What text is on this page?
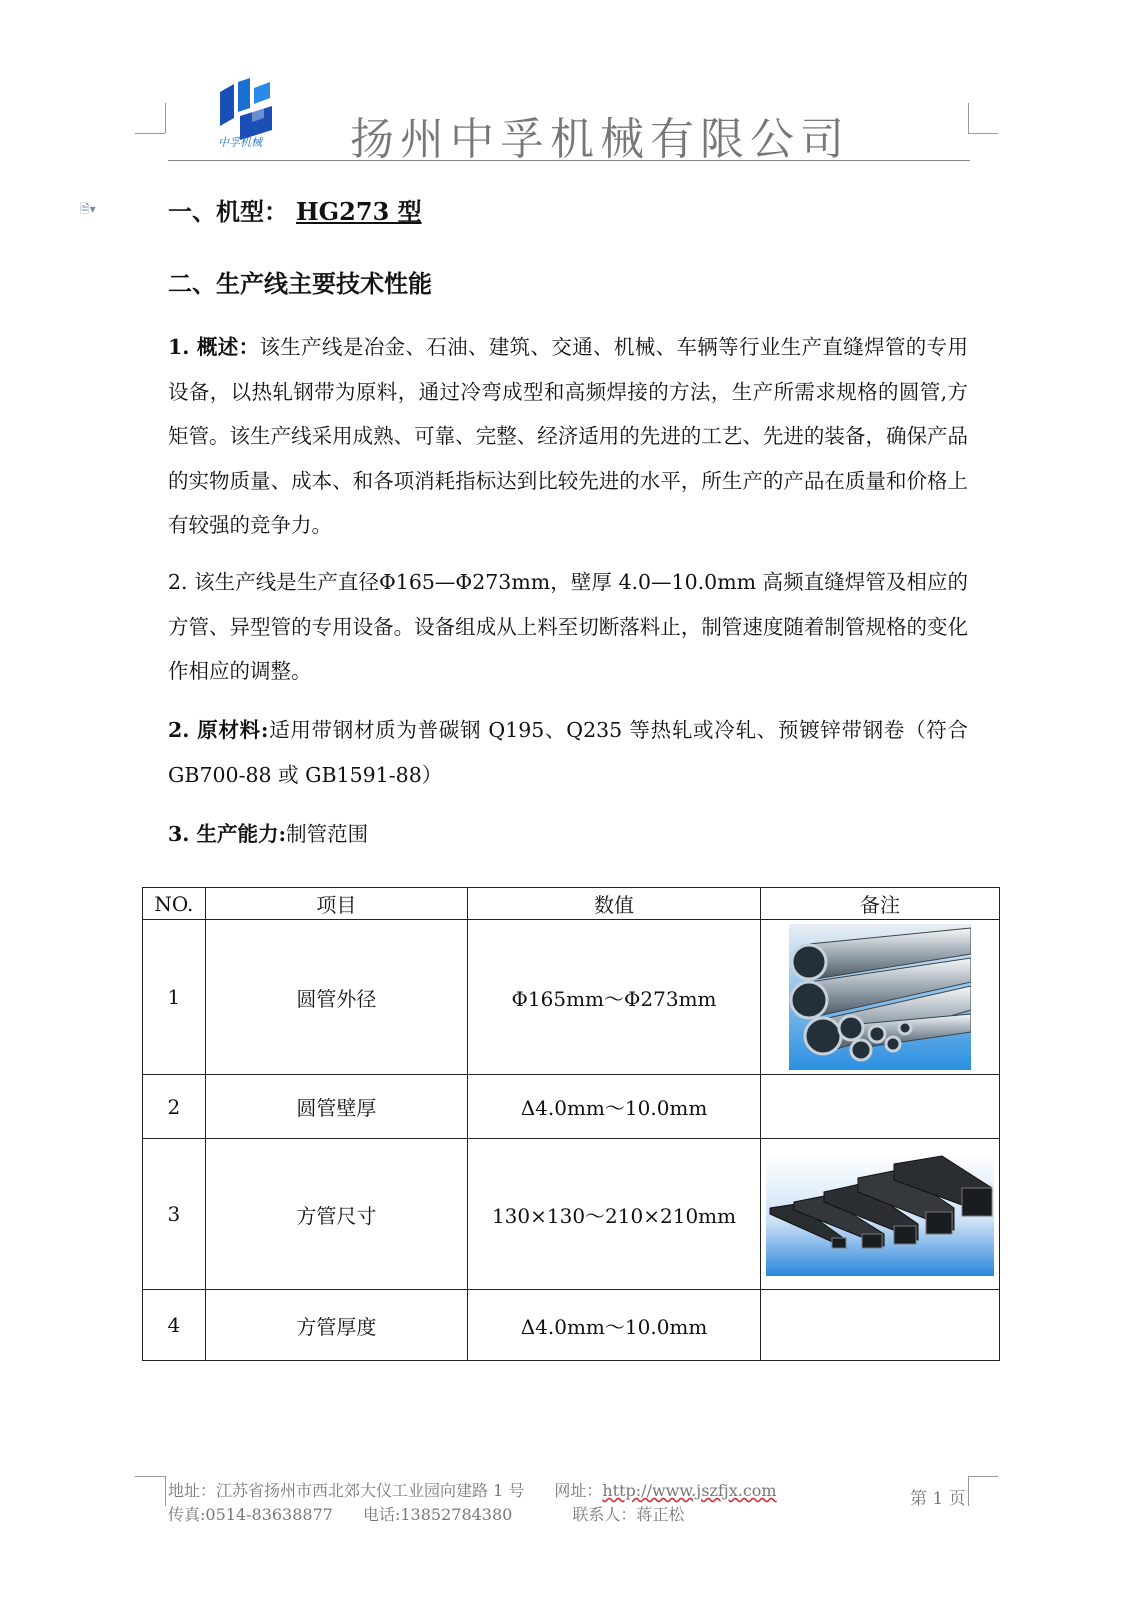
中孚机械 扬州中孚机械有限公司
🗎▾	一、机型： HG273 型
二、生产线主要技术性能
1. 概述：该生产线是冶金、石油、建筑、交通、机械、车辆等行业生产直缝焊管的专用设备，以热轧钢带为原料，通过冷弯成型和高频焊接的方法，生产所需求规格的圆管,方矩管。该生产线采用成熟、可靠、完整、经济适用的先进的工艺、先进的装备，确保产品的实物质量、成本、和各项消耗指标达到比较先进的水平，所生产的产品在质量和价格上有较强的竞争力。
2. 该生产线是生产直径Φ165—Φ273mm，壁厚 4.0—10.0mm 高频直缝焊管及相应的方管、异型管的专用设备。设备组成从上料至切断落料止，制管速度随着制管规格的变化作相应的调整。
2. 原材料:适用带钢材质为普碳钢 Q195、Q235 等热轧或冷轧、预镀锌带钢卷（符合 GB700-88 或 GB1591-88）
3. 生产能力:制管范围
NO.	项目	数值	备注
1	圆管外径	Φ165mm～Φ273mm	

2	圆管壁厚	Δ4.0mm～10.0mm	
3	方管尺寸	130×130～210×210mm	

4	方管厚度	Δ4.0mm～10.0mm	
地址：江苏省扬州市西北郊大仪工业园向建路 1 号 网址：http://www.jszfjx.com
传真:0514-83638877 电话:13852784380	联系人：蒋正松
第 1 页
